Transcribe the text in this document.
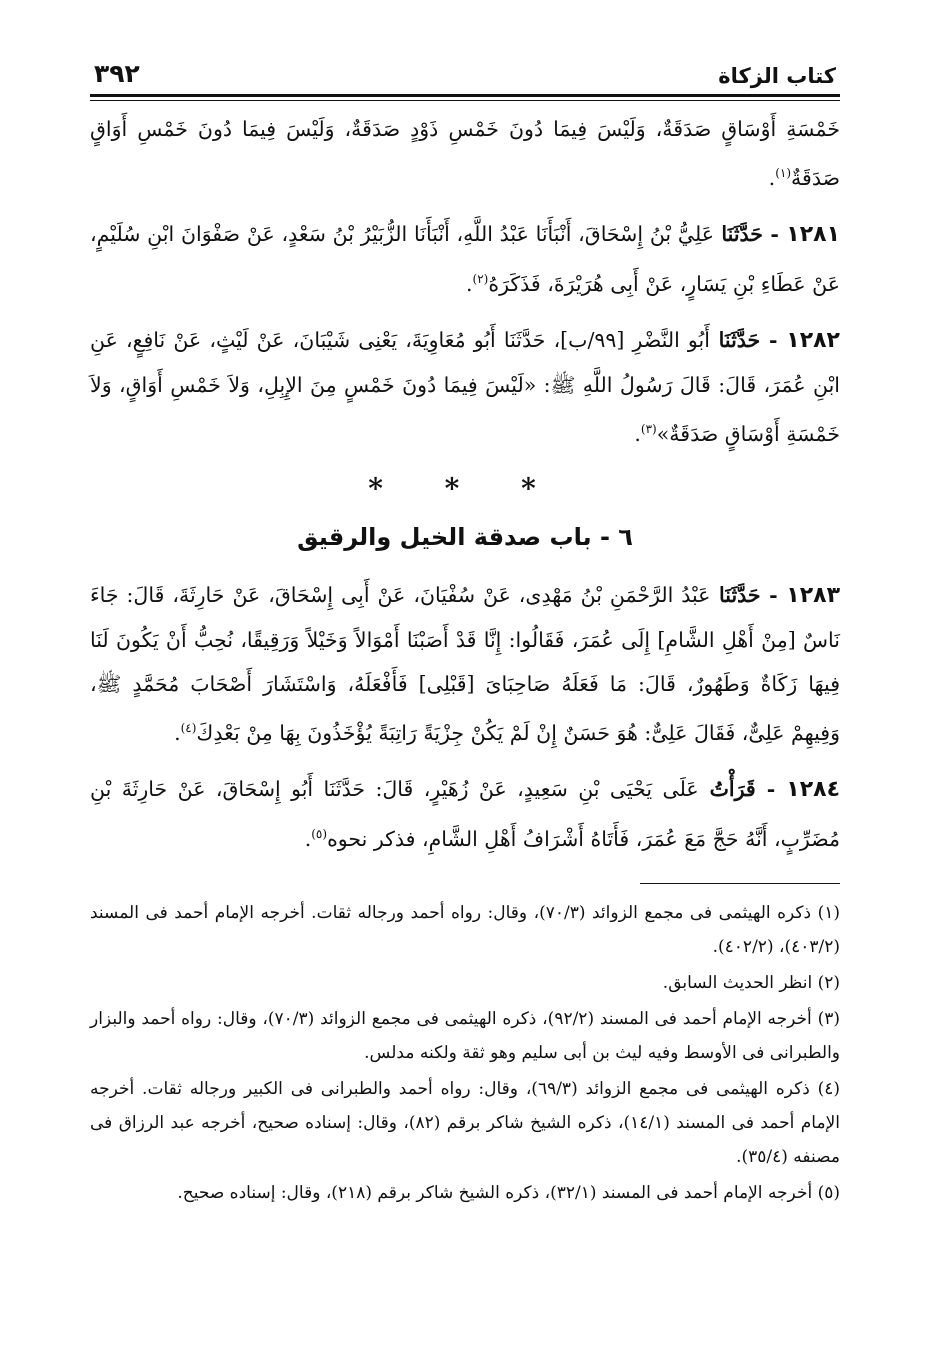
كتاب الزكاة
٣٩٢

خَمْسَةِ أَوْسَاقٍ صَدَقَةٌ، وَلَيْسَ فِيمَا دُونَ خَمْسِ ذَوْدٍ صَدَقَةٌ، وَلَيْسَ فِيمَا دُونَ خَمْسِ أَوَاقٍ صَدَقَةٌ$^{(١)}$.

١٢٨١ - حَدَّثَنَا عَلِيُّ بْنُ إِسْحَاقَ، أَنْبَأَنَا عَبْدُ اللَّهِ، أَنْبَأَنَا الزُّبَيْرُ بْنُ سَعْدٍ، عَنْ صَفْوَانَ ابْنِ سُلَيْمٍ، عَنْ عَطَاءِ بْنِ يَسَارٍ، عَنْ أَبِى هُرَيْرَةَ، فَذَكَرَهُ$^{(٢)}$.

١٢٨٢ - حَدَّثَنَا أَبُو النَّضْرِ [٩٩/ب]، حَدَّثَنَا أَبُو مُعَاوِيَةَ، يَعْنِى شَيْبَانَ، عَنْ لَيْثٍ، عَنْ نَافِعٍ، عَنِ ابْنِ عُمَرَ، قَالَ: قَالَ رَسُولُ اللَّهِ ﷺ: «لَيْسَ فِيمَا دُونَ خَمْسٍ مِنَ الإِبِلِ، وَلاَ خَمْسِ أَوَاقٍ، وَلاَ خَمْسَةِ أَوْسَاقٍ صَدَقَةٌ»$^{(٣)}$.

* * *

٦ - باب صدقة الخيل والرقيق

١٢٨٣ - حَدَّثَنَا عَبْدُ الرَّحْمَنِ بْنُ مَهْدِى، عَنْ سُفْيَانَ، عَنْ أَبِى إِسْحَاقَ، عَنْ حَارِثَةَ، قَالَ: جَاءَ نَاسٌ [مِنْ أَهْلِ الشَّامِ] إِلَى عُمَرَ، فَقَالُوا: إِنَّا قَدْ أَصَبْنَا أَمْوَالاً وَخَيْلاً وَرَقِيقًا، نُحِبُّ أَنْ يَكُونَ لَنَا فِيهَا زَكَاةٌ وَطَهُورٌ، قَالَ: مَا فَعَلَهُ صَاحِبَاىَ [قَبْلِى] فَأَفْعَلَهُ، وَاسْتَشَارَ أَصْحَابَ مُحَمَّدٍ ﷺ، وَفِيهِمْ عَلِىٌّ، فَقَالَ عَلِىٌّ: هُوَ حَسَنٌ إِنْ لَمْ يَكُنْ جِزْيَةً رَاتِبَةً يُؤْخَذُونَ بِهَا مِنْ بَعْدِكَ$^{(٤)}$.

١٢٨٤ - قَرَأْتُ عَلَى يَحْيَى بْنِ سَعِيدٍ، عَنْ زُهَيْرٍ، قَالَ: حَدَّثَنَا أَبُو إِسْحَاقَ، عَنْ حَارِثَةَ بْنِ مُضَرِّبٍ، أَنَّهُ حَجَّ مَعَ عُمَرَ، فَأَتَاهُ أَشْرَافُ أَهْلِ الشَّامِ، فذكر نحوه$^{(٥)}$.

(١) ذكره الهيثمى فى مجمع الزوائد (٧٠/٣)، وقال: رواه أحمد ورجاله ثقات. أخرجه الإمام أحمد فى المسند (٤٠٣/٢)، (٤٠٢/٢).

(٢) انظر الحديث السابق.

(٣) أخرجه الإمام أحمد فى المسند (٩٢/٢)، ذكره الهيثمى فى مجمع الزوائد (٧٠/٣)، وقال: رواه أحمد والبزار والطبرانى فى الأوسط وفيه ليث بن أبى سليم وهو ثقة ولكنه مدلس.

(٤) ذكره الهيثمى فى مجمع الزوائد (٦٩/٣)، وقال: رواه أحمد والطبرانى فى الكبير ورجاله ثقات. أخرجه الإمام أحمد فى المسند (١٤/١)، ذكره الشيخ شاكر برقم (٨٢)، وقال: إسناده صحيح، أخرجه عبد الرزاق فى مصنفه (٣٥/٤).

(٥) أخرجه الإمام أحمد فى المسند (٣٢/١)، ذكره الشيخ شاكر برقم (٢١٨)، وقال: إسناده صحيح.
